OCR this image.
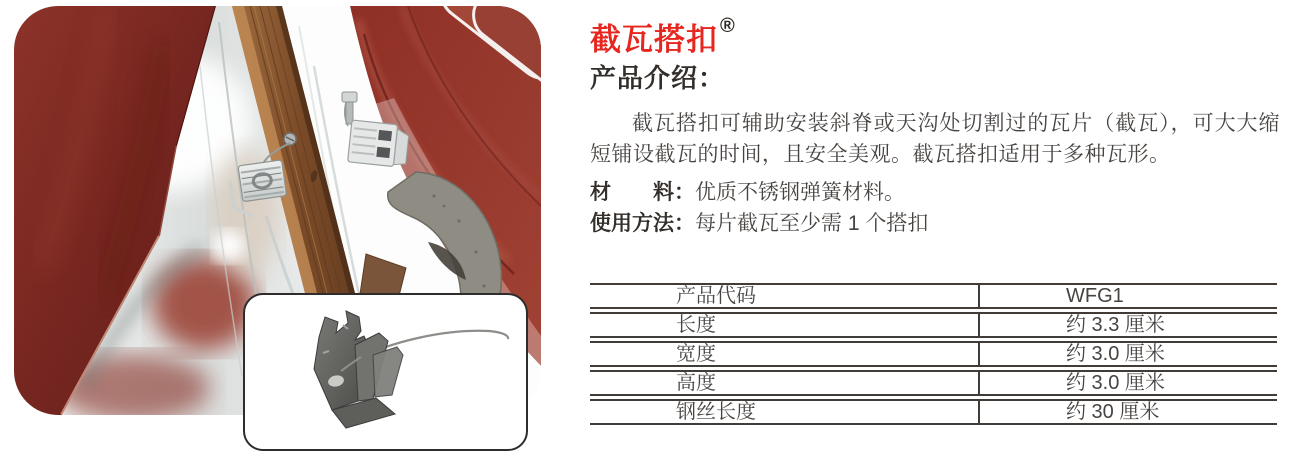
截瓦搭扣 ®
产品介绍：

截瓦搭扣可辅助安装斜脊或天沟处切割过的瓦片（截瓦），可大大缩短铺设截瓦的时间，且安全美观。截瓦搭扣适用于多种瓦形。

材　　料：优质不锈钢弹簧材料。

使用方法：每片截瓦至少需 1 个搭扣

产品代码	WFG1
长度	约 3.3 厘米
宽度	约 3.0 厘米
高度	约 3.0 厘米
钢丝长度	约 30 厘米
